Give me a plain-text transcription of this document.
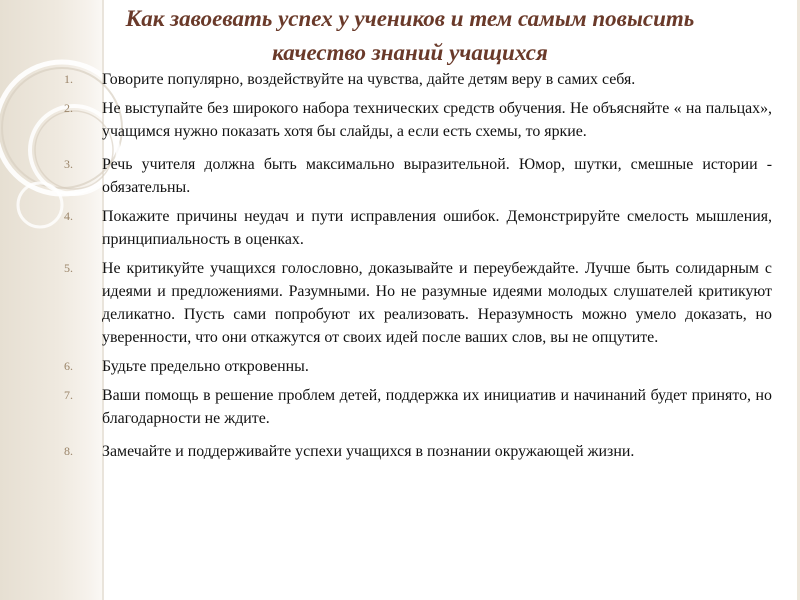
Как завоевать успех у учеников и тем самым повысить
качество знаний учащихся
1.	Говорите популярно, воздействуйте на чувства, дайте детям веру в самих себя.
2.	Не выступайте без широкого набора технических средств обучения. Не объясняйте « на пальцах», учащимся нужно показать хотя бы слайды, а если есть схемы, то яркие.
3.	Речь учителя должна быть максимально выразительной. Юмор, шутки, смешные истории - обязательны.
4.	Покажите причины неудач и пути исправления ошибок. Демонстрируйте смелость мышления, принципиальность в оценках.
5.	Не критикуйте учащихся голословно, доказывайте и переубеждайте. Лучше быть солидарным с идеями и предложениями. Разумными. Но не разумные идеями молодых слушателей критикуют деликатно. Пусть сами попробуют их реализовать. Неразумность можно умело доказать, но уверенности, что они откажутся от своих идей после ваших слов, вы не опцутите.
6.	Будьте предельно откровенны.
7.	Ваши помощь в решение проблем детей, поддержка их инициатив и начинаний будет принято, но благодарности не ждите.
8.	Замечайте и поддерживайте успехи учащихся в познании окружающей жизни.
